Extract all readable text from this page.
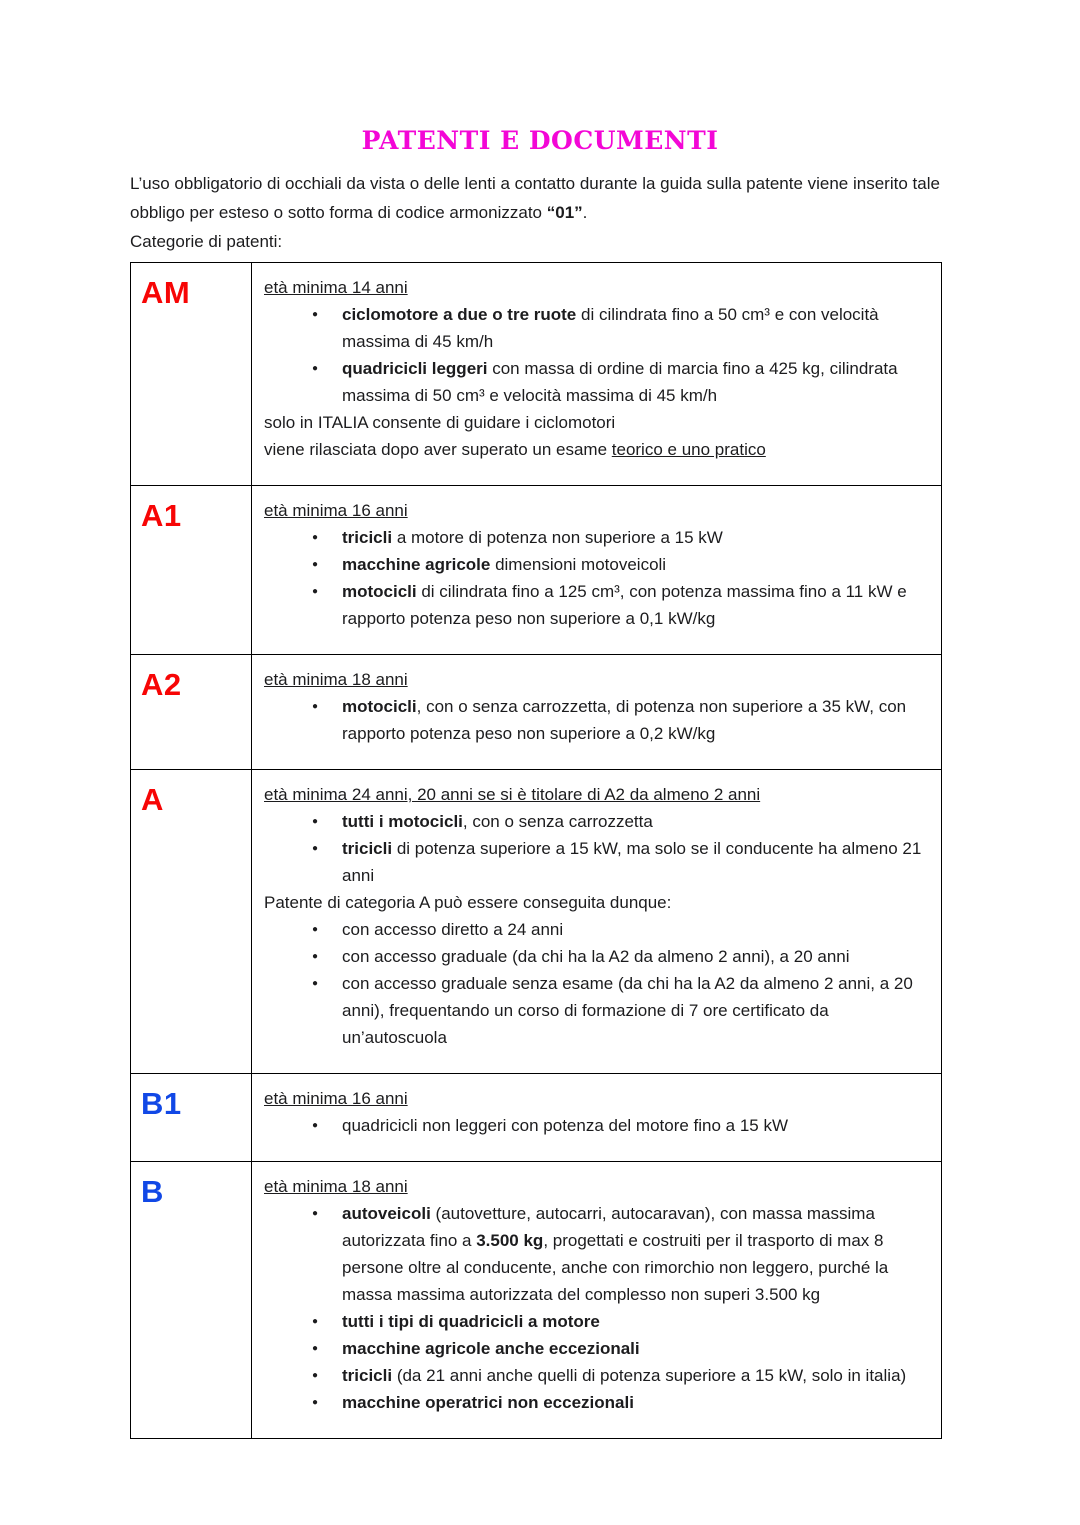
PATENTI E DOCUMENTI

L’uso obbligatorio di occhiali da vista o delle lenti a contatto durante la guida sulla patente viene inserito tale obbligo per esteso o sotto forma di codice armonizzato “01”.

Categorie di patenti:

AM	età minima 14 anni
●	ciclomotore a due o tre ruote di cilindrata fino a 50 cm³ e con velocità massima di 45 km/h
●	quadricicli leggeri con massa di ordine di marcia fino a 425 kg, cilindrata massima di 50 cm³ e velocità massima di 45 km/h
solo in ITALIA consente di guidare i ciclomotori
viene rilasciata dopo aver superato un esame teorico e uno pratico

A1	età minima 16 anni
●	tricicli a motore di potenza non superiore a 15 kW
●	macchine agricole dimensioni motoveicoli
●	motocicli di cilindrata fino a 125 cm³, con potenza massima fino a 11 kW e rapporto potenza peso non superiore a 0,1 kW/kg

A2	età minima 18 anni
● motocicli, con o senza carrozzetta, di potenza non superiore a 35 kW, con rapporto potenza peso non superiore a 0,2 kW/kg

A	età minima 24 anni, 20 anni se si è titolare di A2 da almeno 2 anni
●	tutti i motocicli, con o senza carrozzetta
●	tricicli di potenza superiore a 15 kW, ma solo se il conducente ha almeno 21 anni
Patente di categoria A può essere conseguita dunque:
●	con accesso diretto a 24 anni
●	con accesso graduale (da chi ha la A2 da almeno 2 anni), a 20 anni
●	con accesso graduale senza esame (da chi ha la A2 da almeno 2 anni, a 20 anni), frequentando un corso di formazione di 7 ore certificato da un’autoscuola

B1	età minima 16 anni
● quadricicli non leggeri con potenza del motore fino a 15 kW

B	età minima 18 anni
●	autoveicoli (autovetture, autocarri, autocaravan), con massa massima autorizzata fino a 3.500 kg, progettati e costruiti per il trasporto di max 8 persone oltre al conducente, anche con rimorchio non leggero, purché la massa massima autorizzata del complesso non superi 3.500 kg
●	tutti i tipi di quadricicli a motore
●	macchine agricole anche eccezionali
●	tricicli (da 21 anni anche quelli di potenza superiore a 15 kW, solo in italia)
●	macchine operatrici non eccezionali
